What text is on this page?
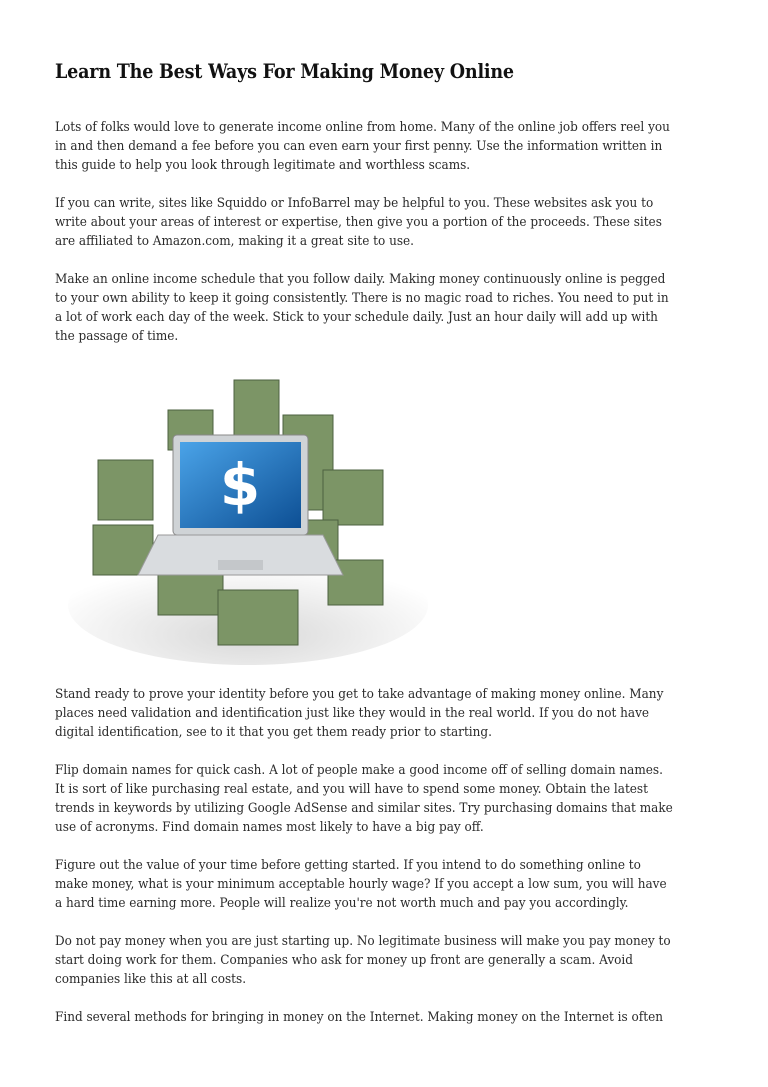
Learn The Best Ways For Making Money Online

Lots of folks would love to generate income online from home. Many of the online job offers reel you
in and then demand a fee before you can even earn your first penny. Use the information written in
this guide to help you look through legitimate and worthless scams.

If you can write, sites like Squiddo or InfoBarrel may be helpful to you. These websites ask you to
write about your areas of interest or expertise, then give you a portion of the proceeds. These sites
are affiliated to Amazon.com, making it a great site to use.

Make an online income schedule that you follow daily. Making money continuously online is pegged
to your own ability to keep it going consistently. There is no magic road to riches. You need to put in
a lot of work each day of the week. Stick to your schedule daily. Just an hour daily will add up with
the passage of time.

Stand ready to prove your identity before you get to take advantage of making money online. Many
places need validation and identification just like they would in the real world. If you do not have
digital identification, see to it that you get them ready prior to starting.

Flip domain names for quick cash. A lot of people make a good income off of selling domain names.
It is sort of like purchasing real estate, and you will have to spend some money. Obtain the latest
trends in keywords by utilizing Google AdSense and similar sites. Try purchasing domains that make
use of acronyms. Find domain names most likely to have a big pay off.

Figure out the value of your time before getting started. If you intend to do something online to
make money, what is your minimum acceptable hourly wage? If you accept a low sum, you will have
a hard time earning more. People will realize you're not worth much and pay you accordingly.

Do not pay money when you are just starting up. No legitimate business will make you pay money to
start doing work for them. Companies who ask for money up front are generally a scam. Avoid
companies like this at all costs.

Find several methods for bringing in money on the Internet. Making money on the Internet is often

$
